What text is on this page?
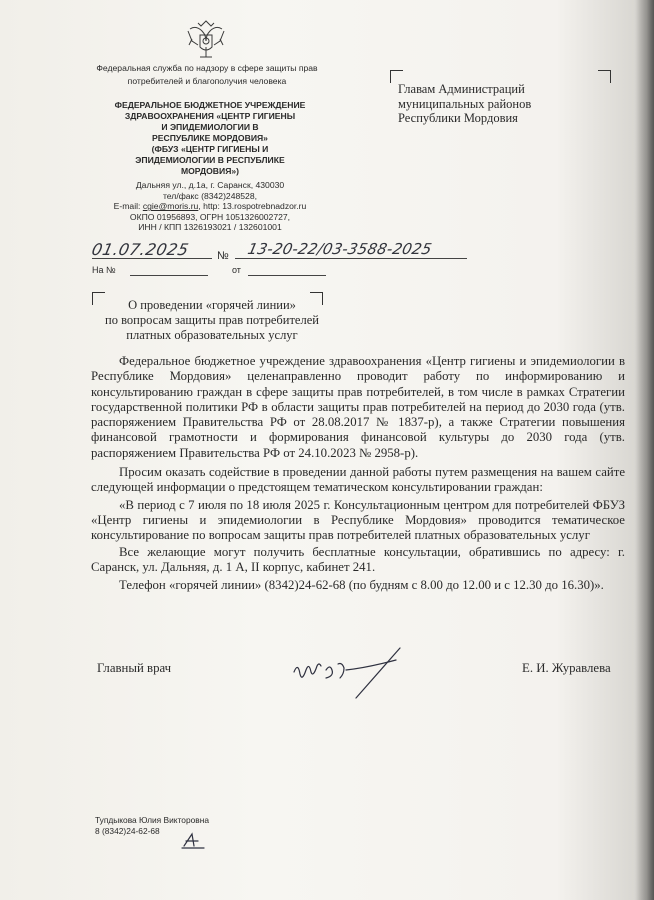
Федеральная служба по надзору в сфере защиты прав потребителей и благополучия человека
ФЕДЕРАЛЬНОЕ БЮДЖЕТНОЕ УЧРЕЖДЕНИЕ
ЗДРАВООХРАНЕНИЯ «ЦЕНТР ГИГИЕНЫ
И ЭПИДЕМИОЛОГИИ В
РЕСПУБЛИКЕ МОРДОВИЯ»
(ФБУЗ «ЦЕНТР ГИГИЕНЫ И
ЭПИДЕМИОЛОГИИ В РЕСПУБЛИКЕ
МОРДОВИЯ»)
Дальняя ул., д.1а, г. Саранск, 430030
тел/факс (8342)248528,
E-mail: cgie@moris.ru, http: 13.rospotrebnadzor.ru
ОКПО 01956893, ОГРН 1051326002727,
ИНН / КПП 1326193021 / 132601001
Главам Администраций
муниципальных районов
Республики Мордовия
01.07.2025 № 13-20-22/03-3588-2025
На №	от
О проведении «горячей линии»
по вопросам защиты прав потребителей
платных образовательных услуг

Федеральное бюджетное учреждение здравоохранения «Центр гигиены и эпидемиологии в Республике Мордовия» целенаправленно проводит работу по информированию и консультированию граждан в сфере защиты прав потребителей, в том числе в рамках Стратегии государственной политики РФ в области защиты прав потребителей на период до 2030 года (утв. распоряжением Правительства РФ от 28.08.2017 № 1837-р), а также Стратегии повышения финансовой грамотности и формирования финансовой культуры до 2030 года (утв. распоряжением Правительства РФ от 24.10.2023 № 2958-р).

Просим оказать содействие в проведении данной работы путем размещения на вашем сайте следующей информации о предстоящем тематическом консультировании граждан:

«В период с 7 июля по 18 июля 2025 г. Консультационным центром для потребителей ФБУЗ «Центр гигиены и эпидемиологии в Республике Мордовия» проводится тематическое консультирование по вопросам защиты прав потребителей платных образовательных услуг

Все желающие могут получить бесплатные консультации, обратившись по адресу: г. Саранск, ул. Дальняя, д. 1 А, II корпус, кабинет 241.

Телефон «горячей линии» (8342)24-62-68 (по будням с 8.00 до 12.00 и с 12.30 до 16.30)».

Главный врач	Е. И. Журавлева
Тупдыкова Юлия Викторовна
8 (8342)24-62-68
